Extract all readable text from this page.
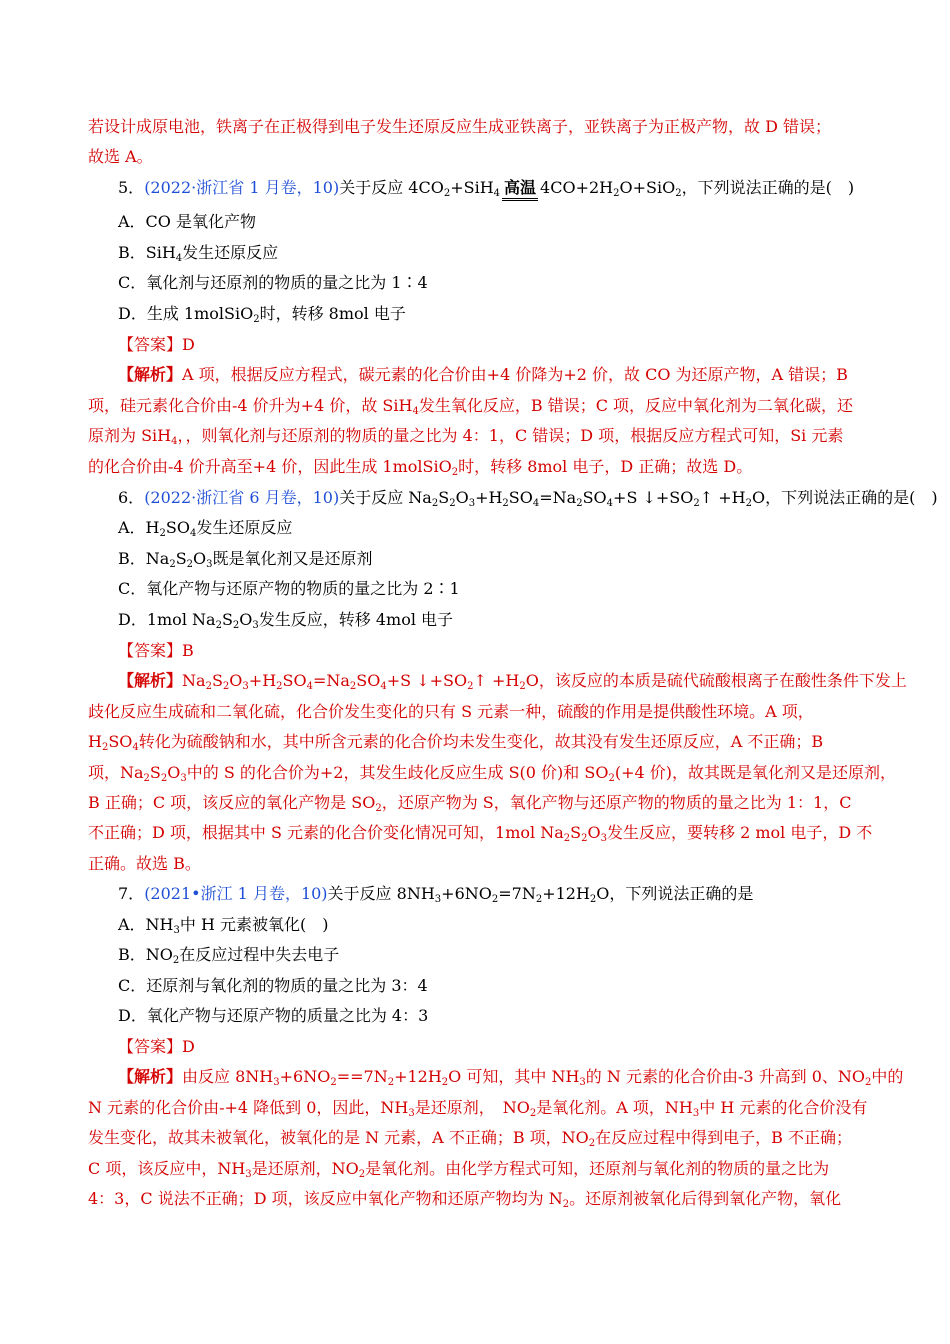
若设计成原电池，铁离子在正极得到电子发生还原反应生成亚铁离子，亚铁离子为正极产物，故 D 错误；
故选 A。
5．(2022·浙江省 1 月卷，10)关于反应 $4CO_2+SiH_4$ 高温 $4CO+2H_2O+SiO_2$，下列说法正确的是(　)
A．CO 是氧化产物
B．SiH$_4$发生还原反应
C．氧化剂与还原剂的物质的量之比为 1∶4
D．生成 1molSiO$_2$时，转移 8mol 电子
【答案】D
【解析】A 项，根据反应方程式，碳元素的化合价由+4 价降为+2 价，故 CO 为还原产物，A 错误；B
项，硅元素化合价由-4 价升为+4 价，故 SiH$_4$发生氧化反应，B 错误；C 项，反应中氧化剂为二氧化碳，还
原剂为 SiH$_4$，，则氧化剂与还原剂的物质的量之比为 4：1，C 错误；D 项，根据反应方程式可知，Si 元素
的化合价由-4 价升高至+4 价，因此生成 1molSiO$_2$时，转移 8mol 电子，D 正确；故选 D。
6．(2022·浙江省 6 月卷，10)关于反应 $Na_2S_2O_3+H_2SO_4=Na_2SO_4+S$ $↓+SO_2↑ +H_2O$，下列说法正确的是(　)
A．$H_2SO_4$发生还原反应
B．$Na_2S_2O_3$既是氧化剂又是还原剂
C．氧化产物与还原产物的物质的量之比为 2∶1
D．1mol $Na_2S_2O_3$发生反应，转移 4mol 电子
【答案】B
【解析】$Na_2S_2O_3+H_2SO_4=Na_2SO_4+S$ $↓+SO_2↑ +H_2O$，该反应的本质是硫代硫酸根离子在酸性条件下发上
歧化反应生成硫和二氧化硫，化合价发生变化的只有 S 元素一种，硫酸的作用是提供酸性环境。A 项，
$H_2SO_4$转化为硫酸钠和水，其中所含元素的化合价均未发生变化，故其没有发生还原反应，A 不正确；B
项，$Na_2S_2O_3$中的 S 的化合价为+2，其发生歧化反应生成 S(0 价)和 $SO_2(+4$ 价)，故其既是氧化剂又是还原剂，
B 正确；C 项，该反应的氧化产物是 $SO_2$，还原产物为 S，氧化产物与还原产物的物质的量之比为 1：1，C
不正确；D 项，根据其中 S 元素的化合价变化情况可知，1mol $Na_2S_2O_3$发生反应，要转移 2 mol 电子，D 不
正确。故选 B。
7．(2021•浙江 1 月卷，10)关于反应 $8NH_3+6NO_2=7N_2+12H_2O$，下列说法正确的是
A．$NH_3$中 H 元素被氧化(　)
B．$NO_2$在反应过程中失去电子
C．还原剂与氧化剂的物质的量之比为 3：4
D．氧化产物与还原产物的质量之比为 4：3
【答案】D
【解析】由反应 $8NH_3+6NO_2==7N_2+12H_2O$ 可知，其中 $NH_3$的 N 元素的化合价由-3 升高到 0、$NO_2$中的
N 元素的化合价由-+4 降低到 0，因此，$NH_3$是还原剂，　$NO_2$是氧化剂。A 项，$NH_3$中 H 元素的化合价没有
发生变化，故其未被氧化，被氧化的是 N 元素，A 不正确；B 项，$NO_2$在反应过程中得到电子，B 不正确；
C 项，该反应中，$NH_3$是还原剂，$NO_2$是氧化剂。由化学方程式可知，还原剂与氧化剂的物质的量之比为
4：3，C 说法不正确；D 项，该反应中氧化产物和还原产物均为 $N_2$。还原剂被氧化后得到氧化产物，氧化
